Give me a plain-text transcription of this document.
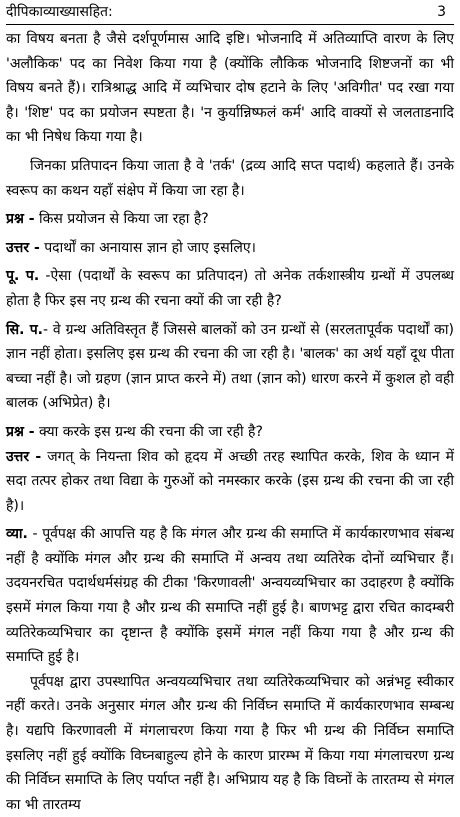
दीपिकाव्याख्यासहित:	3

का विषय बनता है जैसे दर्शपूर्णमास आदि इष्टि। भोजनादि में अतिव्याप्ति वारण के लिए 'अलौकिक' पद का निवेश किया गया है (क्योंकि लौकिक भोजनादि शिष्टजनों का भी विषय बनते हैं)। रात्रिश्राद्ध आदि में व्यभिचार दोष हटाने के लिए 'अविगीत' पद रखा गया है। 'शिष्ट' पद का प्रयोजन स्पष्टता है। 'न कुर्यान्निष्फलं कर्म' आदि वाक्यों से जलताडनादि का भी निषेध किया गया है।

जिनका प्रतिपादन किया जाता है वे 'तर्क' (द्रव्य आदि सप्त पदार्थ) कहलाते हैं। उनके स्वरूप का कथन यहाँ संक्षेप में किया जा रहा है।

प्रश्न - किस प्रयोजन से किया जा रहा है?

उत्तर - पदार्थों का अनायास ज्ञान हो जाए इसलिए।

पू. प. -ऐसा (पदार्थों के स्वरूप का प्रतिपादन) तो अनेक तर्कशास्त्रीय ग्रन्थों में उपलब्ध होता है फिर इस नए ग्रन्थ की रचना क्यों की जा रही है?

सि. प.- वे ग्रन्थ अतिविस्तृत हैं जिससे बालकों को उन ग्रन्थों से (सरलतापूर्वक पदार्थों का) ज्ञान नहीं होता। इसलिए इस ग्रन्थ की रचना की जा रही है। 'बालक' का अर्थ यहाँ दूध पीता बच्चा नहीं है। जो ग्रहण (ज्ञान प्राप्त करने में) तथा (ज्ञान को) धारण करने में कुशल हो वही बालक (अभिप्रेत) है।

प्रश्न - क्या करके इस ग्रन्थ की रचना की जा रही है?

उत्तर - जगत् के नियन्ता शिव को हृदय में अच्छी तरह स्थापित करके, शिव के ध्यान में सदा तत्पर होकर तथा विद्या के गुरुओं को नमस्कार करके (इस ग्रन्थ की रचना की जा रही है)।

व्या. - पूर्वपक्ष की आपत्ति यह है कि मंगल और ग्रन्थ की समाप्ति में कार्यकारणभाव संबन्ध नहीं है क्योंकि मंगल और ग्रन्थ की समाप्ति में अन्वय तथा व्यतिरेक दोनों व्यभिचार हैं। उदयनरचित पदार्थधर्मसंग्रह की टीका 'किरणावली' अन्वयव्यभिचार का उदाहरण है क्योंकि इसमें मंगल किया गया है और ग्रन्थ की समाप्ति नहीं हुई है। बाणभट्ट द्वारा रचित कादम्बरी व्यतिरेकव्यभिचार का दृष्टान्त है क्योंकि इसमें मंगल नहीं किया गया है और ग्रन्थ की समाप्ति हुई है।

पूर्वपक्ष द्वारा उपस्थापित अन्वयव्यभिचार तथा व्यतिरेकव्यभिचार को अन्नंभट्ट स्वीकार नहीं करते। उनके अनुसार मंगल और ग्रन्थ की निर्विघ्न समाप्ति में कार्यकारणभाव सम्बन्ध है। यद्यपि किरणावली में मंगलाचरण किया गया है फिर भी ग्रन्थ की निर्विघ्न समाप्ति इसलिए नहीं हुई क्योंकि विघ्नबाहुल्य होने के कारण प्रारम्भ में किया गया मंगलाचरण ग्रन्थ की निर्विघ्न समाप्ति के लिए पर्याप्त नहीं है। अभिप्राय यह है कि विघ्नों के तारतम्य से मंगल का भी तारतम्य
